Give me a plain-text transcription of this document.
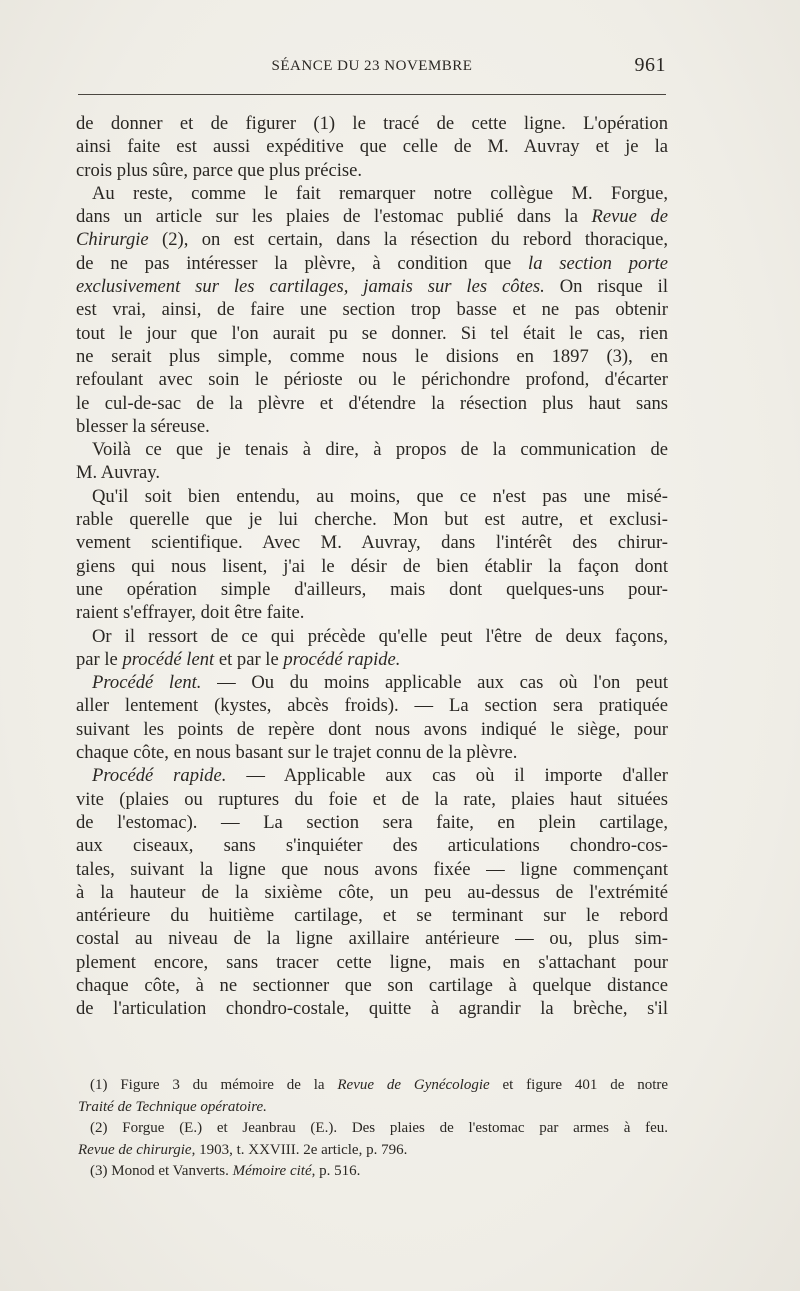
SÉANCE DU 23 NOVEMBRE	961
de donner et de figurer (1) le tracé de cette ligne. L'opération
ainsi faite est aussi expéditive que celle de M. Auvray et je la
crois plus sûre, parce que plus précise.
Au reste, comme le fait remarquer notre collègue M. Forgue,
dans un article sur les plaies de l'estomac publié dans la Revue de
Chirurgie (2), on est certain, dans la résection du rebord thoracique,
de ne pas intéresser la plèvre, à condition que la section porte
exclusivement sur les cartilages, jamais sur les côtes. On risque il
est vrai, ainsi, de faire une section trop basse et ne pas obtenir
tout le jour que l'on aurait pu se donner. Si tel était le cas, rien
ne serait plus simple, comme nous le disions en 1897 (3), en
refoulant avec soin le périoste ou le périchondre profond, d'écarter
le cul-de-sac de la plèvre et d'étendre la résection plus haut sans
blesser la séreuse.
Voilà ce que je tenais à dire, à propos de la communication de
M. Auvray.
Qu'il soit bien entendu, au moins, que ce n'est pas une misé-
rable querelle que je lui cherche. Mon but est autre, et exclusi-
vement scientifique. Avec M. Auvray, dans l'intérêt des chirur-
giens qui nous lisent, j'ai le désir de bien établir la façon dont
une opération simple d'ailleurs, mais dont quelques-uns pour-
raient s'effrayer, doit être faite.
Or il ressort de ce qui précède qu'elle peut l'être de deux façons,
par le procédé lent et par le procédé rapide.
Procédé lent. — Ou du moins applicable aux cas où l'on peut
aller lentement (kystes, abcès froids). — La section sera pratiquée
suivant les points de repère dont nous avons indiqué le siège, pour
chaque côte, en nous basant sur le trajet connu de la plèvre.
Procédé rapide. — Applicable aux cas où il importe d'aller
vite (plaies ou ruptures du foie et de la rate, plaies haut situées
de l'estomac). — La section sera faite, en plein cartilage,
aux ciseaux, sans s'inquiéter des articulations chondro-cos-
tales, suivant la ligne que nous avons fixée — ligne commençant
à la hauteur de la sixième côte, un peu au-dessus de l'extrémité
antérieure du huitième cartilage, et se terminant sur le rebord
costal au niveau de la ligne axillaire antérieure — ou, plus sim-
plement encore, sans tracer cette ligne, mais en s'attachant pour
chaque côte, à ne sectionner que son cartilage à quelque distance
de l'articulation chondro-costale, quitte à agrandir la brèche, s'il
(1) Figure 3 du mémoire de la Revue de Gynécologie et figure 401 de notre
Traité de Technique opératoire.
(2) Forgue (E.) et Jeanbrau (E.). Des plaies de l'estomac par armes à feu.
Revue de chirurgie, 1903, t. XXVIII. 2e article, p. 796.
(3) Monod et Vanverts. Mémoire cité, p. 516.
